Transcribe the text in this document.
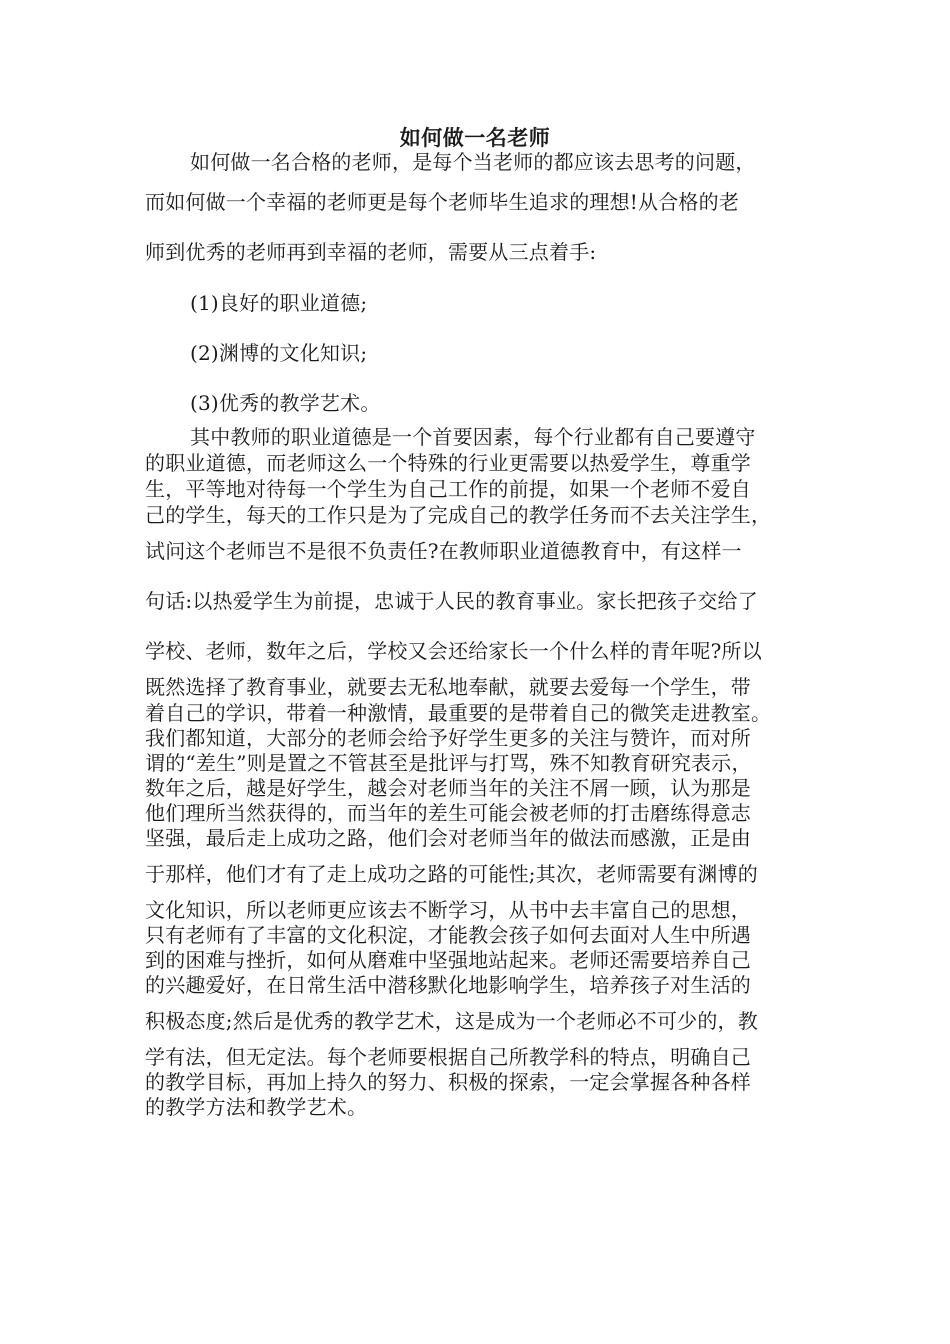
如何做一名老师
如何做一名合格的老师，是每个当老师的都应该去思考的问题，
而如何做一个幸福的老师更是每个老师毕生追求的理想!从合格的老
师到优秀的老师再到幸福的老师，需要从三点着手:
(1)良好的职业道德;
(2)渊博的文化知识;
(3)优秀的教学艺术。
其中教师的职业道德是一个首要因素，每个行业都有自己要遵守
的职业道德，而老师这么一个特殊的行业更需要以热爱学生，尊重学
生，平等地对待每一个学生为自己工作的前提，如果一个老师不爱自
己的学生，每天的工作只是为了完成自己的教学任务而不去关注学生，
试问这个老师岂不是很不负责任?在教师职业道德教育中，有这样一
句话:以热爱学生为前提，忠诚于人民的教育事业。家长把孩子交给了
学校、老师，数年之后，学校又会还给家长一个什么样的青年呢?所以
既然选择了教育事业，就要去无私地奉献，就要去爱每一个学生，带
着自己的学识，带着一种激情，最重要的是带着自己的微笑走进教室。
我们都知道，大部分的老师会给予好学生更多的关注与赞许，而对所
谓的“差生”则是置之不管甚至是批评与打骂，殊不知教育研究表示，
数年之后，越是好学生，越会对老师当年的关注不屑一顾，认为那是
他们理所当然获得的，而当年的差生可能会被老师的打击磨练得意志
坚强，最后走上成功之路，他们会对老师当年的做法而感激，正是由
于那样，他们才有了走上成功之路的可能性;其次，老师需要有渊博的
文化知识，所以老师更应该去不断学习，从书中去丰富自己的思想，
只有老师有了丰富的文化积淀，才能教会孩子如何去面对人生中所遇
到的困难与挫折，如何从磨难中坚强地站起来。老师还需要培养自己
的兴趣爱好，在日常生活中潜移默化地影响学生，培养孩子对生活的
积极态度;然后是优秀的教学艺术，这是成为一个老师必不可少的，教
学有法，但无定法。每个老师要根据自己所教学科的特点，明确自己
的教学目标，再加上持久的努力、积极的探索，一定会掌握各种各样
的教学方法和教学艺术。
